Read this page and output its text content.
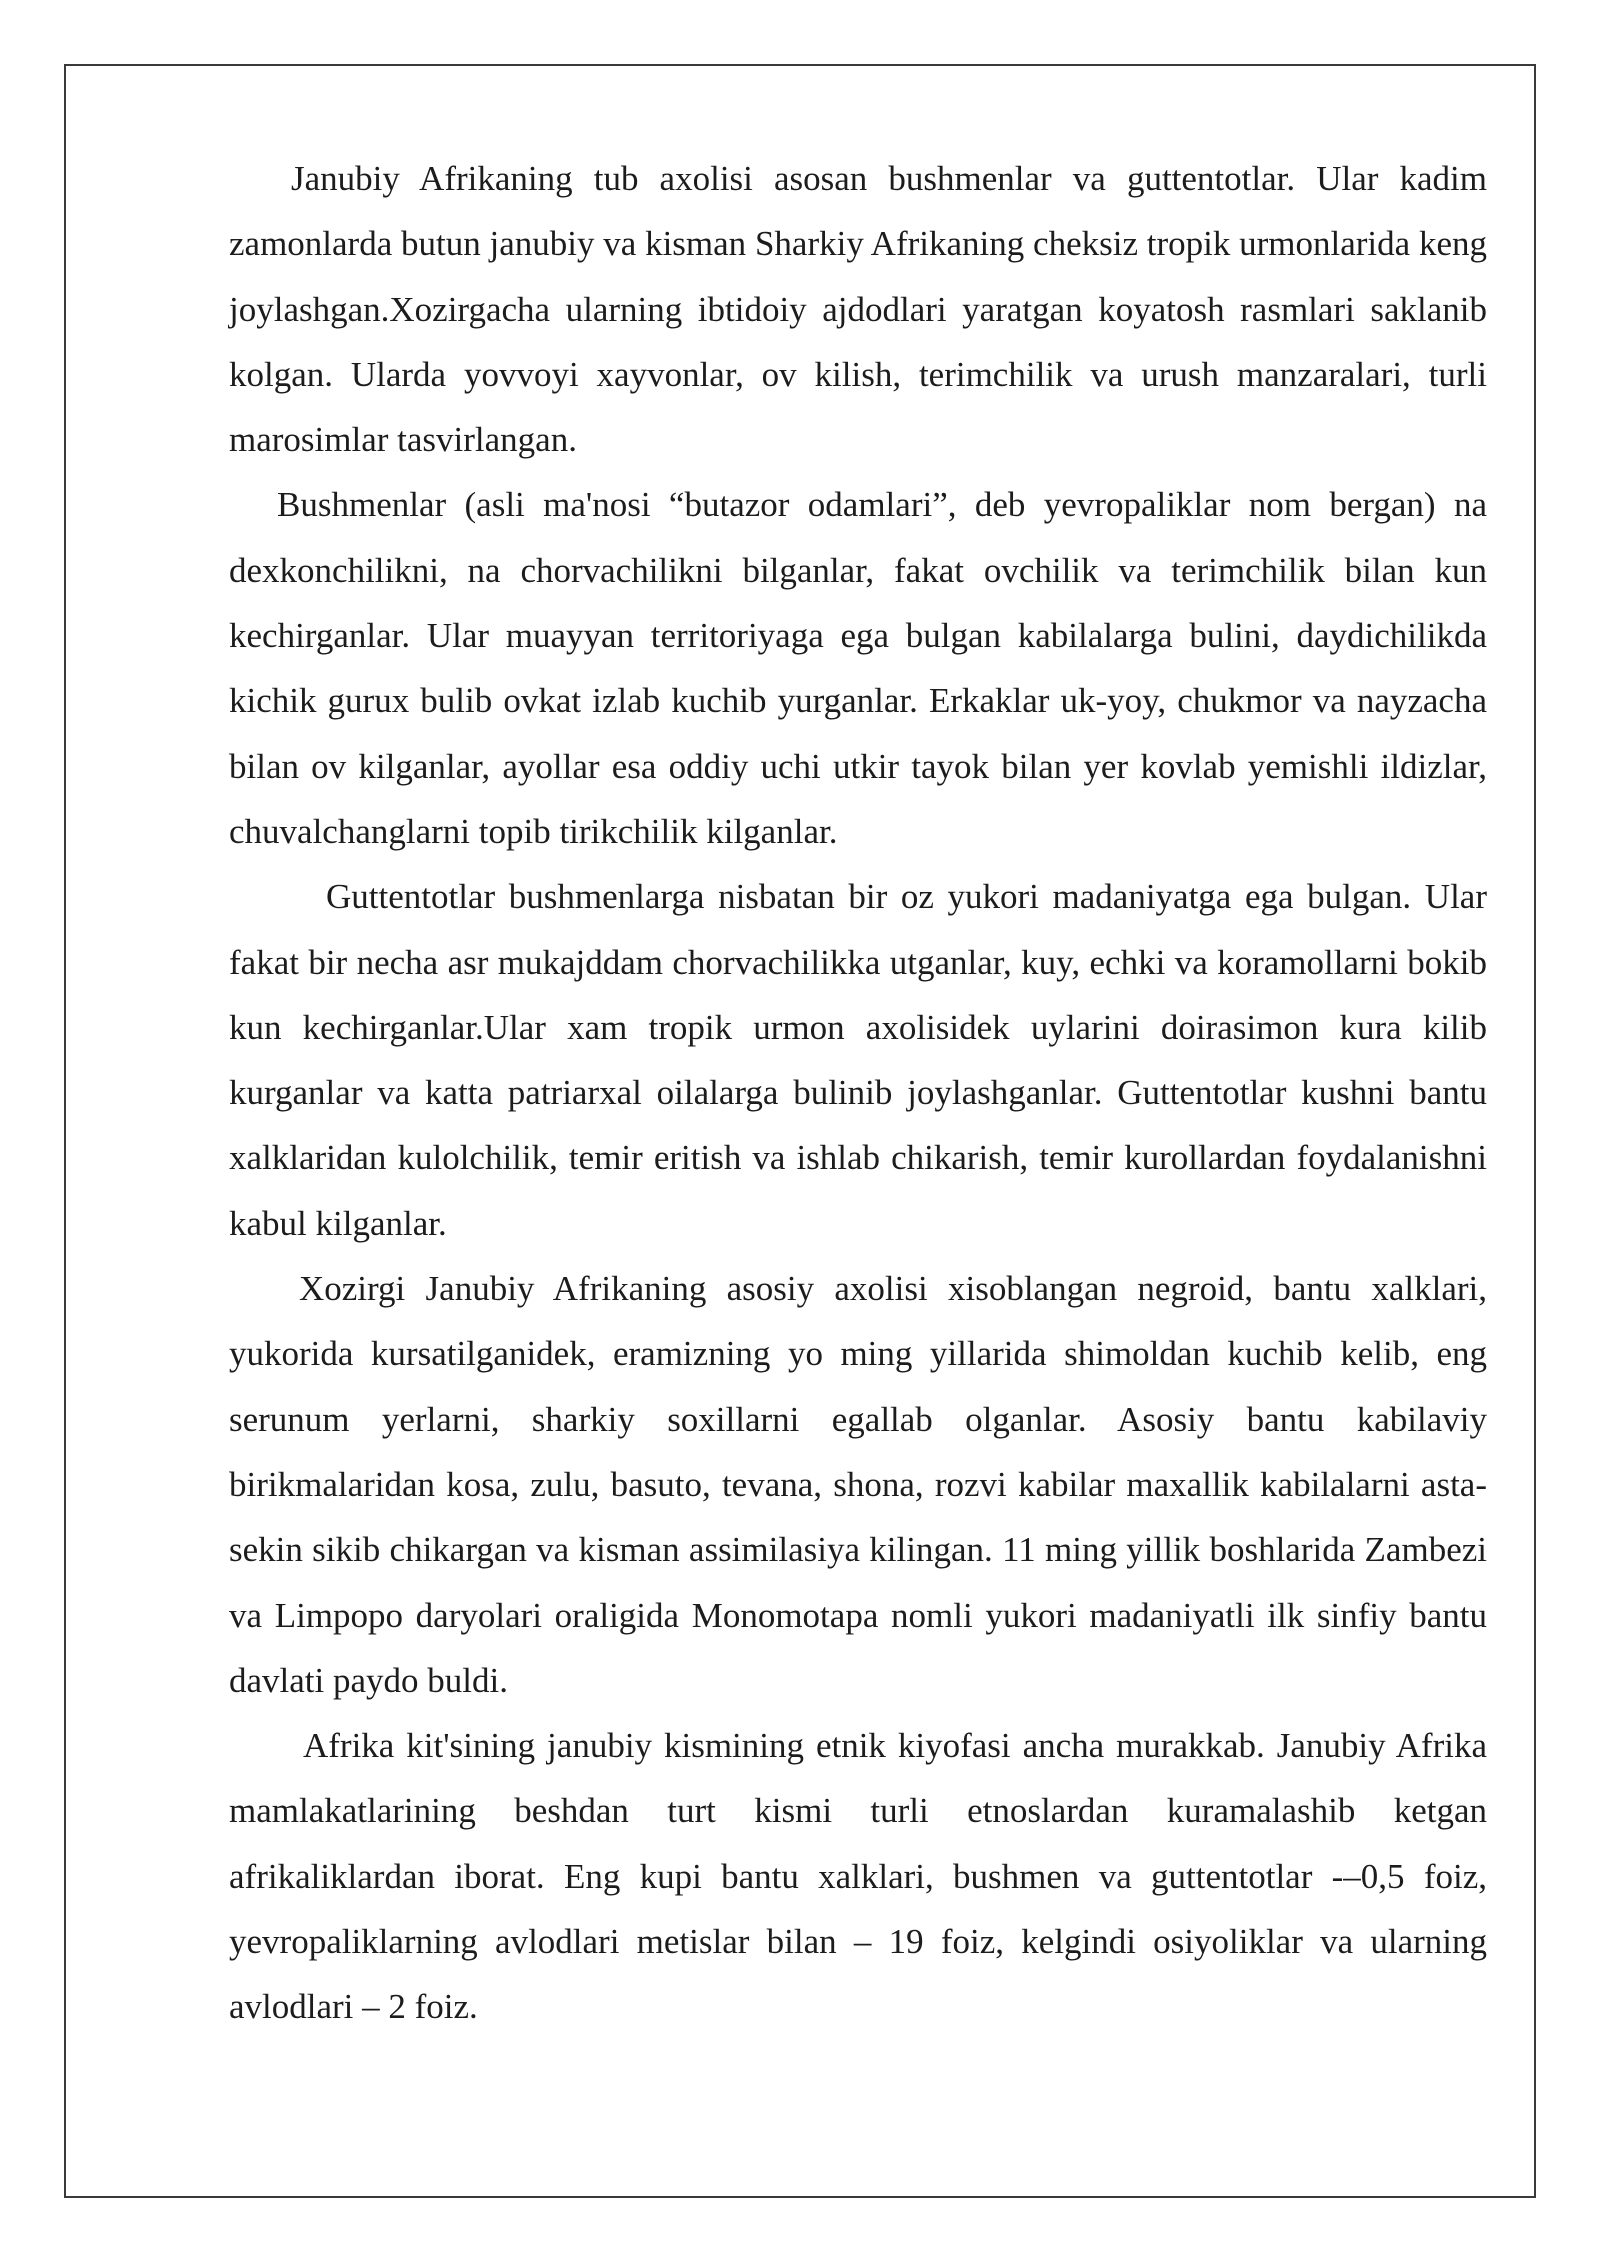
Janubiy Afrikaning tub axolisi asosan bushmenlar va guttentotlar. Ular kadim zamonlarda butun janubiy va kisman Sharkiy Afrikaning cheksiz tropik urmonlarida keng joylashgan.Xozirgacha ularning ibtidoiy ajdodlari yaratgan koyatosh rasmlari saklanib kolgan. Ularda yovvoyi xayvonlar, ov kilish, terimchilik va urush manzaralari, turli marosimlar tasvirlangan.

Bushmenlar (asli ma'nosi “butazor odamlari”, deb yevropaliklar nom bergan) na dexkonchilikni, na chorvachilikni bilganlar, fakat ovchilik va terimchilik bilan kun kechirganlar. Ular muayyan territoriyaga ega bulgan kabilalarga bulini, daydichilikda kichik gurux bulib ovkat izlab kuchib yurganlar. Erkaklar uk-yoy, chukmor va nayzacha bilan ov kilganlar, ayollar esa oddiy uchi utkir tayok bilan yer kovlab yemishli ildizlar, chuvalchanglarni topib tirikchilik kilganlar.

Guttentotlar bushmenlarga nisbatan bir oz yukori madaniyatga ega bulgan. Ular fakat bir necha asr mukajddam chorvachilikka utganlar, kuy, echki va koramollarni bokib kun kechirganlar.Ular xam tropik urmon axolisidek uylarini doirasimon kura kilib kurganlar va katta patriarxal oilalarga bulinib joylashganlar. Guttentotlar kushni bantu xalklaridan kulolchilik, temir eritish va ishlab chikarish, temir kurollardan foydalanishni kabul kilganlar.

Xozirgi Janubiy Afrikaning asosiy axolisi xisoblangan negroid, bantu xalklari, yukorida kursatilganidek, eramizning yo ming yillarida shimoldan kuchib kelib, eng serunum yerlarni, sharkiy soxillarni egallab olganlar. Asosiy bantu kabilaviy birikmalaridan kosa, zulu, basuto, tevana, shona, rozvi kabilar maxallik kabilalarni asta-sekin sikib chikargan va kisman assimilasiya kilingan. 11 ming yillik boshlarida Zambezi va Limpopo daryolari oraligida Monomotapa nomli yukori madaniyatli ilk sinfiy bantu davlati paydo buldi.

Afrika kit'sining janubiy kismining etnik kiyofasi ancha murakkab. Janubiy Afrika mamlakatlarining beshdan turt kismi turli etnoslardan kuramalashib ketgan afrikaliklardan iborat. Eng kupi bantu xalklari, bushmen va guttentotlar -–0,5 foiz, yevropaliklarning avlodlari metislar bilan – 19 foiz, kelgindi osiyoliklar va ularning avlodlari – 2 foiz.
